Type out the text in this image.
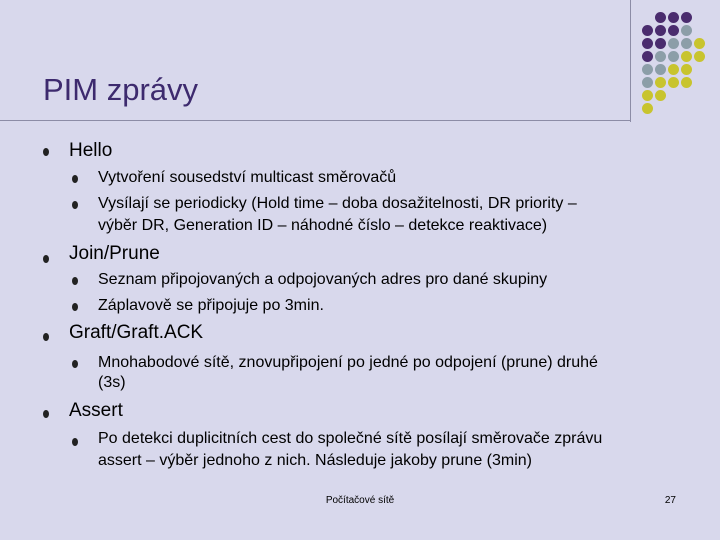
PIM zprávy
Hello
Vytvoření sousedství multicast směrovačů
Vysílají se periodicky (Hold time – doba dosažitelnosti, DR priority –
výběr DR, Generation ID – náhodné číslo – detekce reaktivace)
Join/Prune
Seznam připojovaných a odpojovaných adres pro dané skupiny
Záplavově se připojuje po 3min.
Graft/Graft.ACK
Mnohabodové sítě, znovupřipojení po jedné po odpojení (prune) druhé
(3s)
Assert
Po detekci duplicitních cest do společné sítě posílají směrovače zprávu
assert – výběr jednoho z nich. Následuje jakoby prune (3min)
Počítačové sítě	27
